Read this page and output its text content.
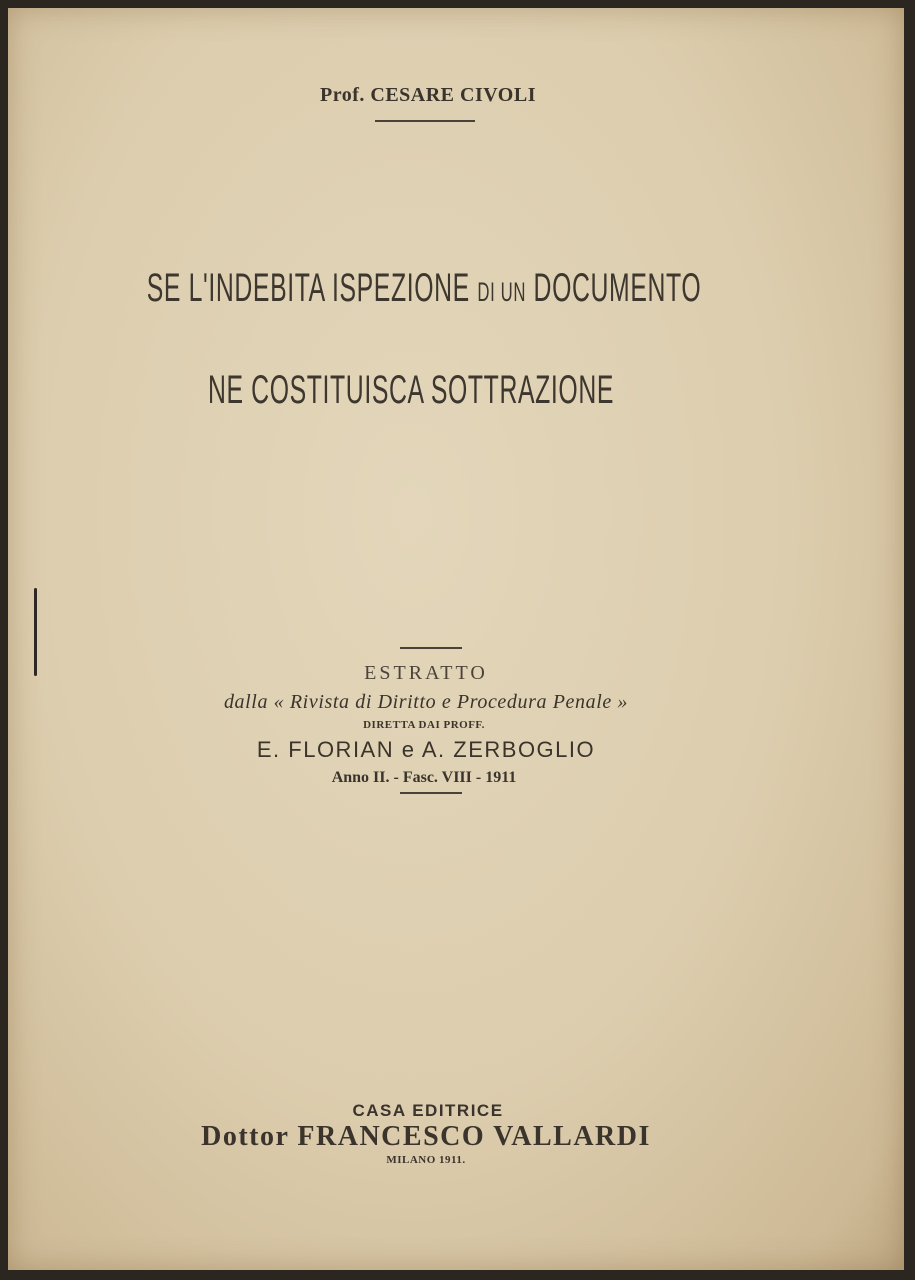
Prof. CESARE CIVOLI
SE L'INDEBITA ISPEZIONE DI UN DOCUMENTO
NE COSTITUISCA SOTTRAZIONE
ESTRATTO
dalla « Rivista di Diritto e Procedura Penale »
DIRETTA DAI PROFF.
E. FLORIAN e A. ZERBOGLIO
Anno II. - Fasc. VIII - 1911
CASA EDITRICE
Dottor FRANCESCO VALLARDI
MILANO 1911.
